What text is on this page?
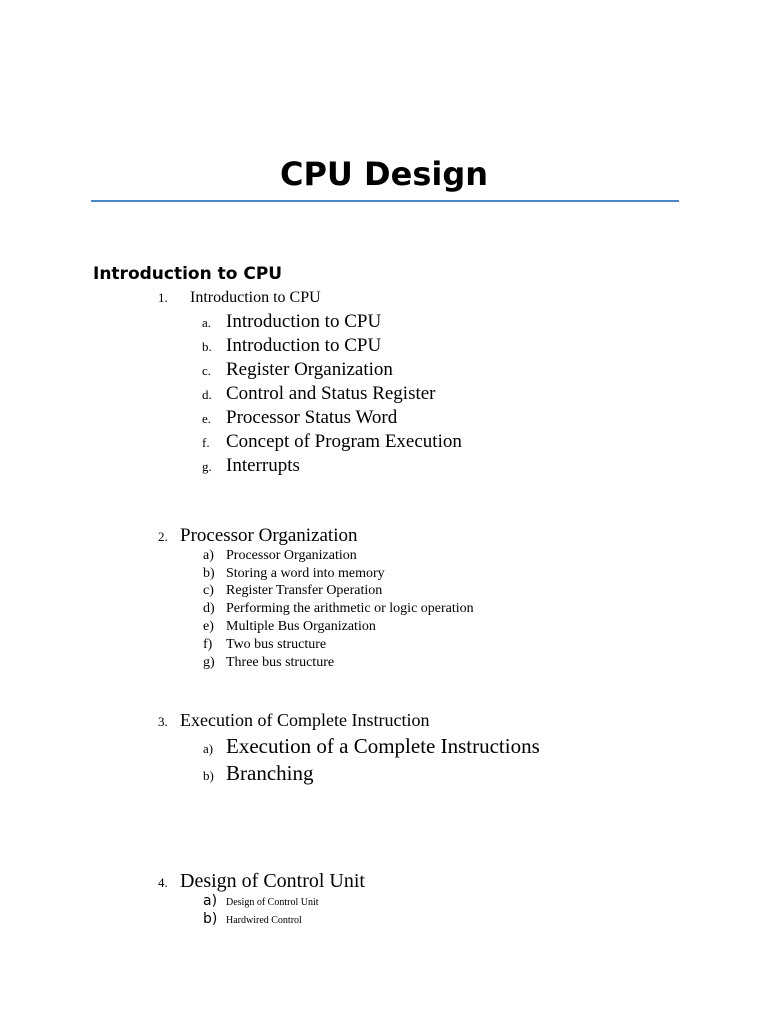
CPU Design
Introduction to CPU
1.	Introduction to CPU
a. Introduction to CPU
b. Introduction to CPU
c. Register Organization
d. Control and Status Register
e. Processor Status Word
f. Concept of Program Execution
g. Interrupts
2. Processor Organization
a) Processor Organization
b) Storing a word into memory
c) Register Transfer Operation
d) Performing the arithmetic or logic operation
e) Multiple Bus Organization
f) Two bus structure
g) Three bus structure
3. Execution of Complete Instruction
a) Execution of a Complete Instructions
b) Branching
4. Design of Control Unit
a) Design of Control Unit
b) Hardwired Control
